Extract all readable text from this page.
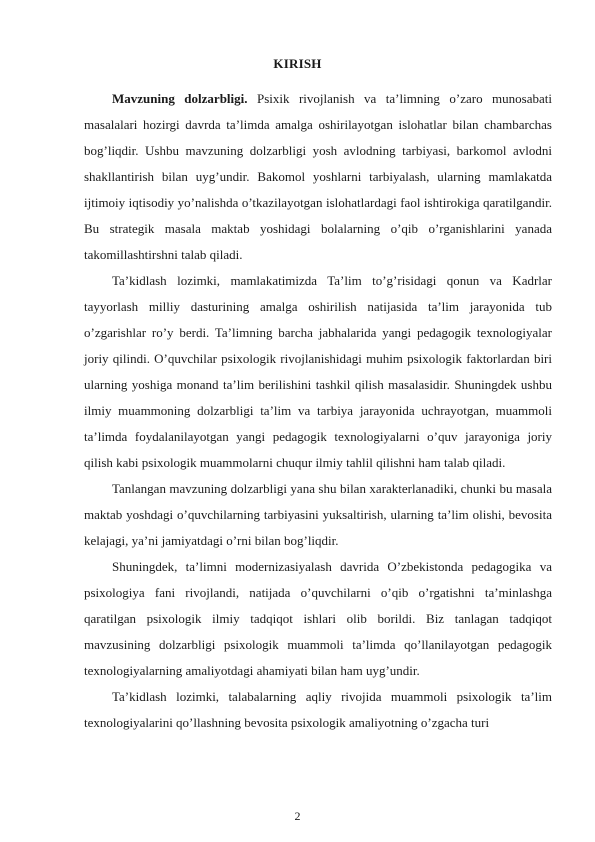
KIRISH

Mavzuning dolzarbligi. Psixik rivojlanish va ta’limning o’zaro munosabati masalalari hozirgi davrda ta’limda amalga oshirilayotgan islohatlar bilan chambarchas bog’liqdir. Ushbu mavzuning dolzarbligi yosh avlodning tarbiyasi, barkomol avlodni shakllantirish bilan uyg’undir. Bakomol yoshlarni tarbiyalash, ularning mamlakatda ijtimoiy iqtisodiy yo’nalishda o’tkazilayotgan islohatlardagi faol ishtirokiga qaratilgandir. Bu strategik masala maktab yoshidagi bolalarning o’qib o’rganishlarini yanada takomillashtirshni talab qiladi.

Ta’kidlash lozimki, mamlakatimizda Ta’lim to’g’risidagi qonun va Kadrlar tayyorlash milliy dasturining amalga oshirilish natijasida ta’lim jarayonida tub o’zgarishlar ro’y berdi. Ta’limning barcha jabhalarida yangi pedagogik texnologiyalar joriy qilindi. O’quvchilar psixologik rivojlanishidagi muhim psixologik faktorlardan biri ularning yoshiga monand ta’lim berilishini tashkil qilish masalasidir. Shuningdek ushbu ilmiy muammoning dolzarbligi ta’lim va tarbiya jarayonida uchrayotgan, muammoli ta’limda foydalanilayotgan yangi pedagogik texnologiyalarni o’quv jarayoniga joriy qilish kabi psixologik muammolarni chuqur ilmiy tahlil qilishni ham talab qiladi.

Tanlangan mavzuning dolzarbligi yana shu bilan xarakterlanadiki, chunki bu masala maktab yoshdagi o’quvchilarning tarbiyasini yuksaltirish, ularning ta’lim olishi, bevosita kelajagi, ya’ni jamiyatdagi o’rni bilan bog’liqdir.

Shuningdek, ta’limni modernizasiyalash davrida O’zbekistonda pedagogika va psixologiya fani rivojlandi, natijada o’quvchilarni o’qib o’rgatishni ta’minlashga qaratilgan psixologik ilmiy tadqiqot ishlari olib borildi. Biz tanlagan tadqiqot mavzusining dolzarbligi psixologik muammoli ta’limda qo’llanilayotgan pedagogik texnologiyalarning amaliyotdagi ahamiyati bilan ham uyg’undir.

Ta’kidlash lozimki, talabalarning aqliy rivojida muammoli psixologik ta’lim texnologiyalarini qo’llashning bevosita psixologik amaliyotning o’zgacha turi

2
